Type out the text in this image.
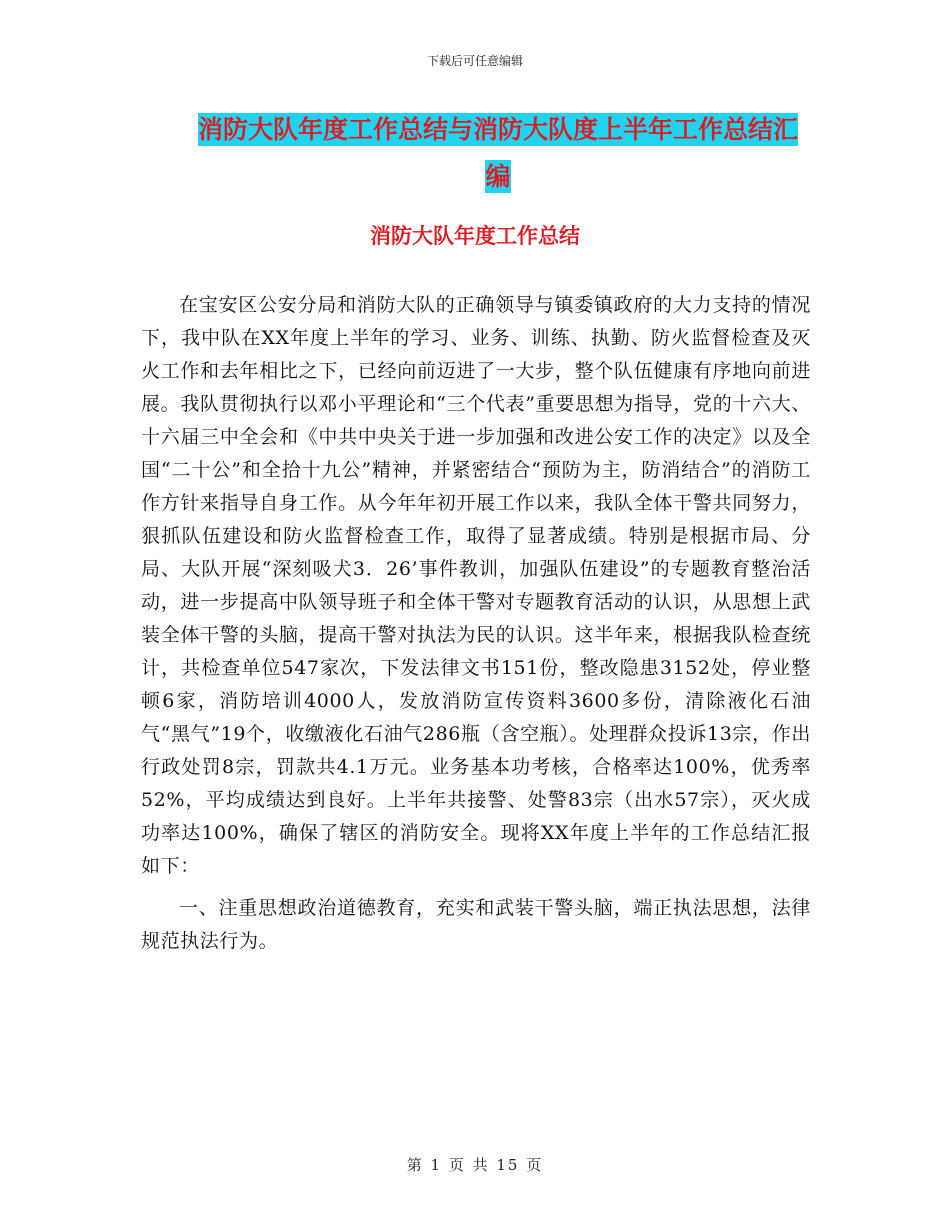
下载后可任意编辑
消防大队年度工作总结与消防大队度上半年工作总结汇编
消防大队年度工作总结

在宝安区公安分局和消防大队的正确领导与镇委镇政府的大力支持的情况下，我中队在XX年度上半年的学习、业务、训练、执勤、防火监督检查及灭火工作和去年相比之下，已经向前迈进了一大步，整个队伍健康有序地向前进展。我队贯彻执行以邓小平理论和“三个代表”重要思想为指导，党的十六大、十六届三中全会和《中共中央关于进一步加强和改进公安工作的决定》以及全国“二十公”和全拾十九公”精神，并紧密结合“预防为主，防消结合”的消防工作方针来指导自身工作。从今年年初开展工作以来，我队全体干警共同努力，狠抓队伍建设和防火监督检查工作，取得了显著成绩。特别是根据市局、分局、大队开展“深刻吸犬3．26’事件教训，加强队伍建设”的专题教育整治活动，进一步提高中队领导班子和全体干警对专题教育活动的认识，从思想上武装全体干警的头脑，提高干警对执法为民的认识。这半年来，根据我队检查统计，共检查单位547家次，下发法律文书151份，整改隐患3152处，停业整顿6家，消防培训4000人，发放消防宣传资料3600多份，清除液化石油气“黑气”19个，收缴液化石油气286瓶（含空瓶）。处理群众投诉13宗，作出行政处罚8宗，罚款共4.1万元。业务基本功考核，合格率达100%，优秀率52%，平均成绩达到良好。上半年共接警、处警83宗（出水57宗），灭火成功率达100%，确保了辖区的消防安全。现将XX年度上半年的工作总结汇报如下：

一、注重思想政治道德教育，充实和武装干警头脑，端正执法思想，法律规范执法行为。

第 1 页 共 15 页
